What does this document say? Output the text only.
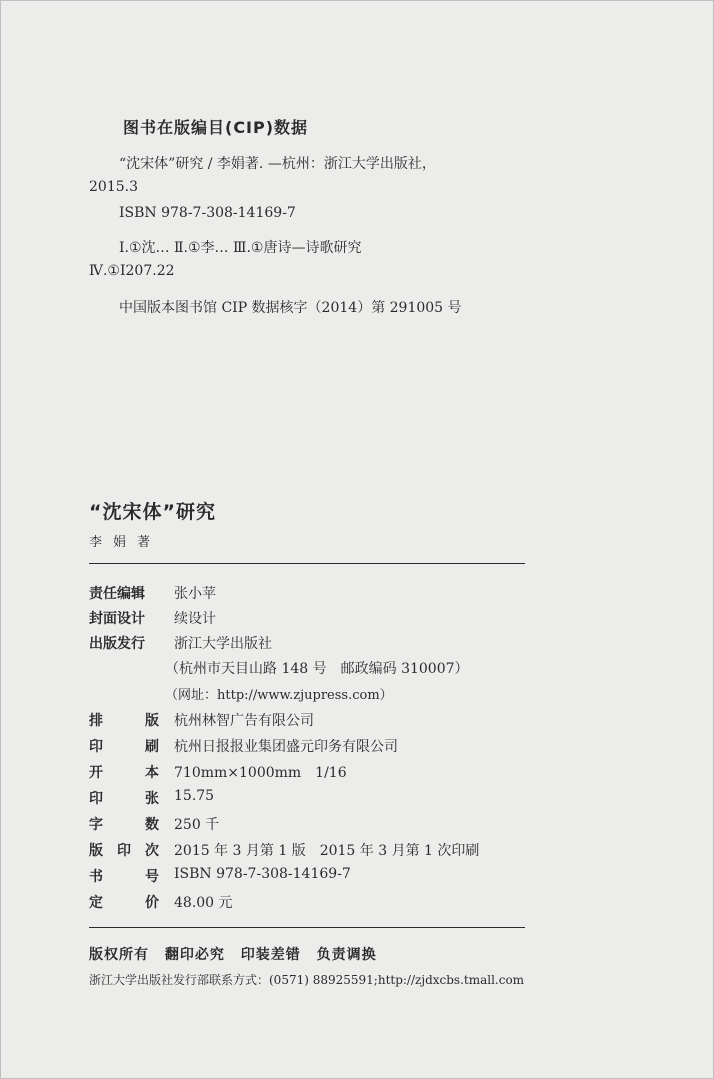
图书在版编目(CIP)数据
“沈宋体”研究 / 李娟著. —杭州：浙江大学出版社，
2015.3
ISBN 978-7-308-14169-7
Ⅰ.①沈… Ⅱ.①李… Ⅲ.①唐诗—诗歌研究
Ⅳ.①I207.22
中国版本图书馆 CIP 数据核字（2014）第 291005 号
“沈宋体”研究
李娟著
责任编辑	张小苹
封面设计	续设计
出版发行	浙江大学出版社
（杭州市天目山路 148 号　邮政编码 310007）
（网址：http://www.zjupress.com）
排	版 杭州林智广告有限公司
印	刷 杭州日报报业集团盛元印务有限公司
开	本 710mm×1000mm　1/16
印	张 15.75
字	数 250 千
版 印 次 2015 年 3 月第 1 版　2015 年 3 月第 1 次印刷
书	号 ISBN 978-7-308-14169-7
定	价 48.00 元
版权所有 翻印必究 印装差错 负责调换
浙江大学出版社发行部联系方式：(0571) 88925591;http://zjdxcbs.tmall.com
